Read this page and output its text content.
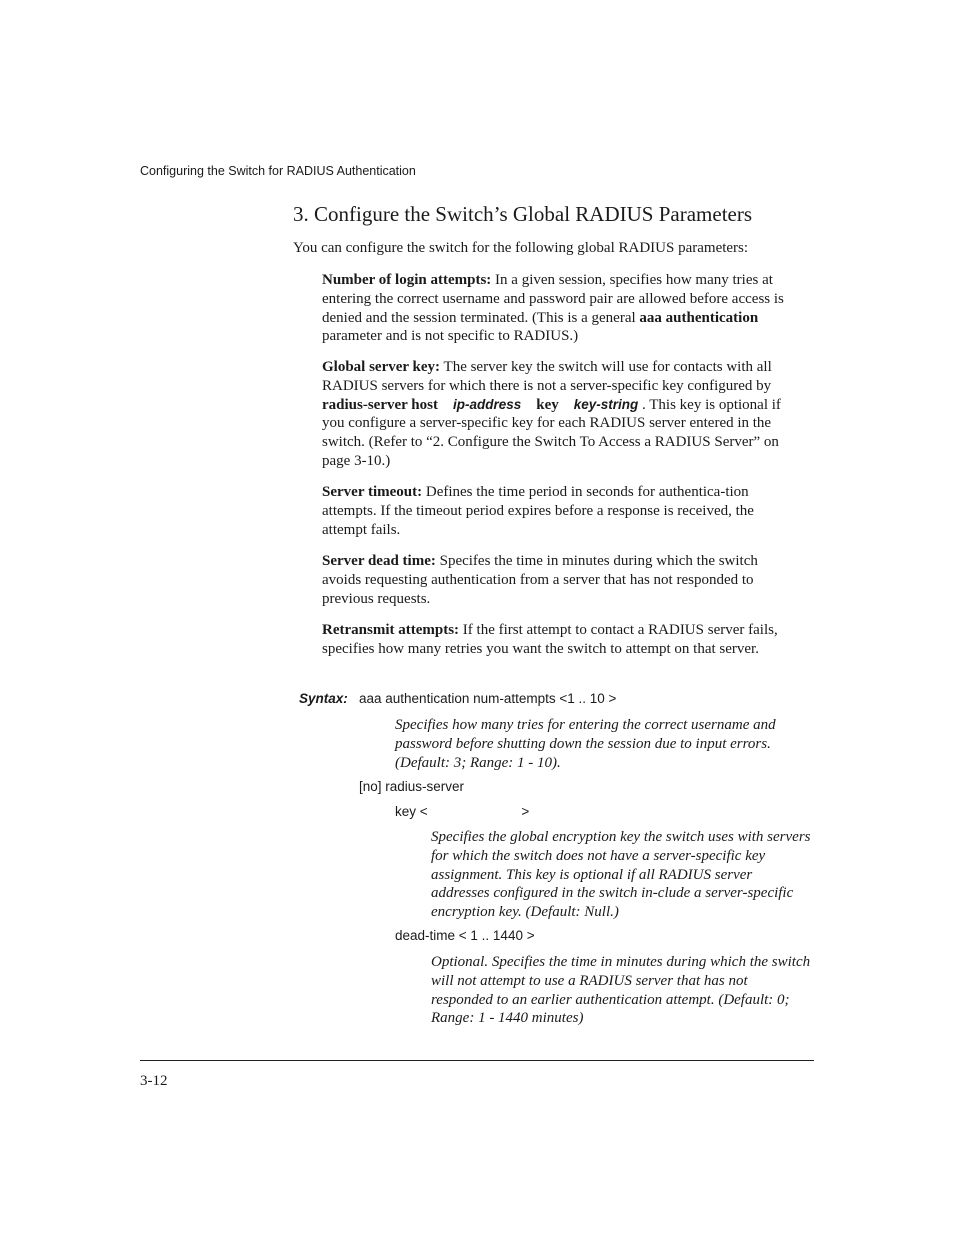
Configuring the Switch for RADIUS Authentication
3. Configure the Switch’s Global RADIUS Parameters
You can configure the switch for the following global RADIUS parameters:

Number of login attempts: In a given session, specifies how many tries at entering the correct username and password pair are allowed before access is denied and the session terminated. (This is a general aaa authentication parameter and is not specific to RADIUS.)

Global server key: The server key the switch will use for contacts with all RADIUS servers for which there is not a server-specific key configured by radius-server host ip-address key key-string . This key is optional if you configure a server-specific key for each RADIUS server entered in the switch. (Refer to “2. Configure the Switch To Access a RADIUS Server” on page 3-10.)

Server timeout: Defines the time period in seconds for authentica-tion attempts. If the timeout period expires before a response is received, the attempt fails.

Server dead time: Specifes the time in minutes during which the switch avoids requesting authentication from a server that has not responded to previous requests.

Retransmit attempts: If the first attempt to contact a RADIUS server fails, specifies how many retries you want the switch to attempt on that server.

Syntax: aaa authentication num-attempts <1 .. 10 >

Specifies how many tries for entering the correct username and password before shutting down the session due to input errors. (Default: 3; Range: 1 - 10).

[no] radius-server
key <                         >

Specifies the global encryption key the switch uses with servers for which the switch does not have a server-specific key assignment. This key is optional if all RADIUS server addresses configured in the switch in-clude a server-specific encryption key. (Default: Null.)

dead-time < 1 .. 1440 >

Optional. Specifies the time in minutes during which the switch will not attempt to use a RADIUS server that has not responded to an earlier authentication attempt. (Default: 0; Range: 1 - 1440 minutes)

3-12
